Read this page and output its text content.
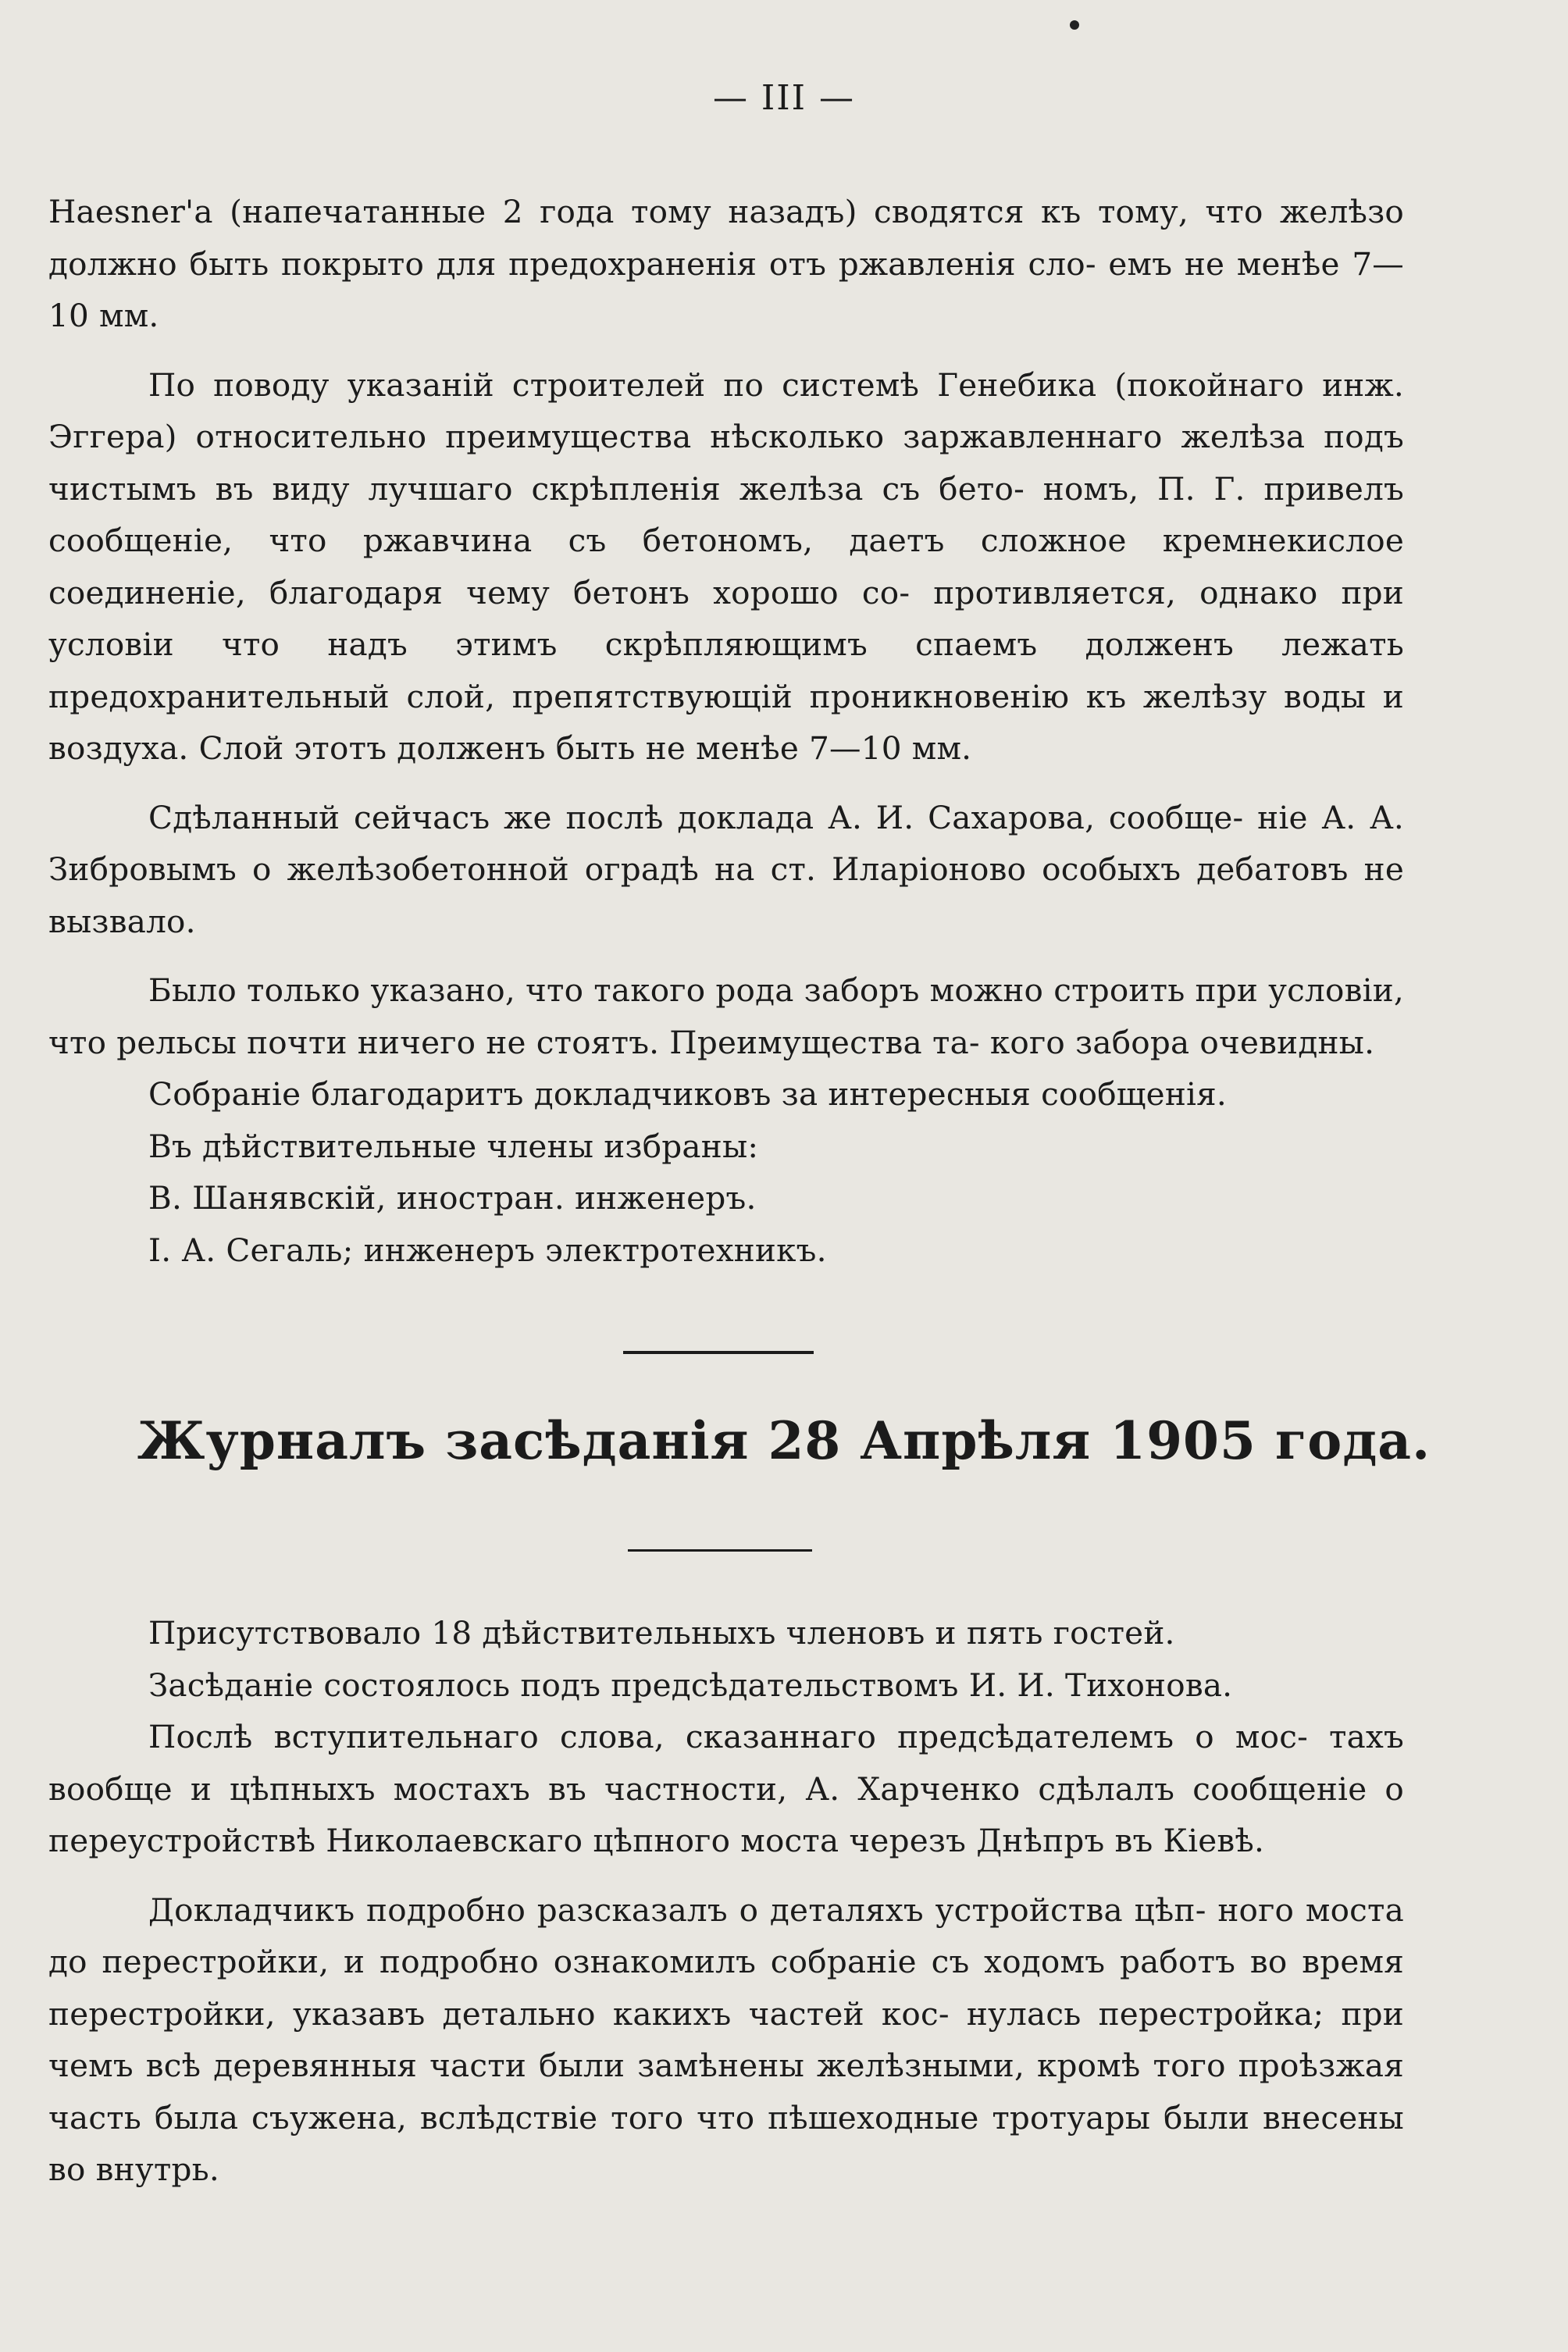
— III —

Haesner'а (напечатанные 2 года тому назадъ) сводятся къ тому, что желѣзо должно быть покрыто для предохраненія отъ ржавленія сло- емъ не менѣе 7—10 мм.

По поводу указаній строителей по системѣ Генебика (покойнаго инж. Эггера) относительно преимущества нѣсколько заржавленнаго желѣза подъ чистымъ въ виду лучшаго скрѣпленія желѣза съ бето- номъ, П. Г. привелъ сообщеніе, что ржавчина съ бетономъ, даетъ сложное кремнекислое соединеніе, благодаря чему бетонъ хорошо со- противляется, однако при условіи что надъ этимъ скрѣпляющимъ спаемъ долженъ лежать предохранительный слой, препятствующій проникновенію къ желѣзу воды и воздуха. Слой этотъ долженъ быть не менѣе 7—10 мм.

Сдѣланный сейчасъ же послѣ доклада А. И. Сахарова, сообще- ніе А. А. Зибровымъ о желѣзобетонной оградѣ на ст. Иларіоново особыхъ дебатовъ не вызвало.

Было только указано, что такого рода заборъ можно строить при условіи, что рельсы почти ничего не стоятъ. Преимущества та- кого забора очевидны.

Собраніе благодаритъ докладчиковъ за интересныя сообщенія.

Въ дѣйствительные члены избраны:

В. Шанявскій, иностран. инженеръ.

І. А. Сегаль; инженеръ электротехникъ.

Журналъ засѣданія 28 Апрѣля 1905 года.

Присутствовало 18 дѣйствительныхъ членовъ и пять гостей.

Засѣданіе состоялось подъ предсѣдательствомъ И. И. Тихонова.

Послѣ вступительнаго слова, сказаннаго предсѣдателемъ о мос- тахъ вообще и цѣпныхъ мостахъ въ частности, А. Харченко сдѣлалъ сообщеніе о переустройствѣ Николаевскаго цѣпного моста черезъ Днѣпръ въ Кіевѣ.

Докладчикъ подробно разсказалъ о деталяхъ устройства цѣп- ного моста до перестройки, и подробно ознакомилъ собраніе съ ходомъ работъ во время перестройки, указавъ детально какихъ частей кос- нулась перестройка; при чемъ всѣ деревянныя части были замѣнены желѣзными, кромѣ того проѣзжая часть была съужена, вслѣдствіе того что пѣшеходные тротуары были внесены во внутрь.
